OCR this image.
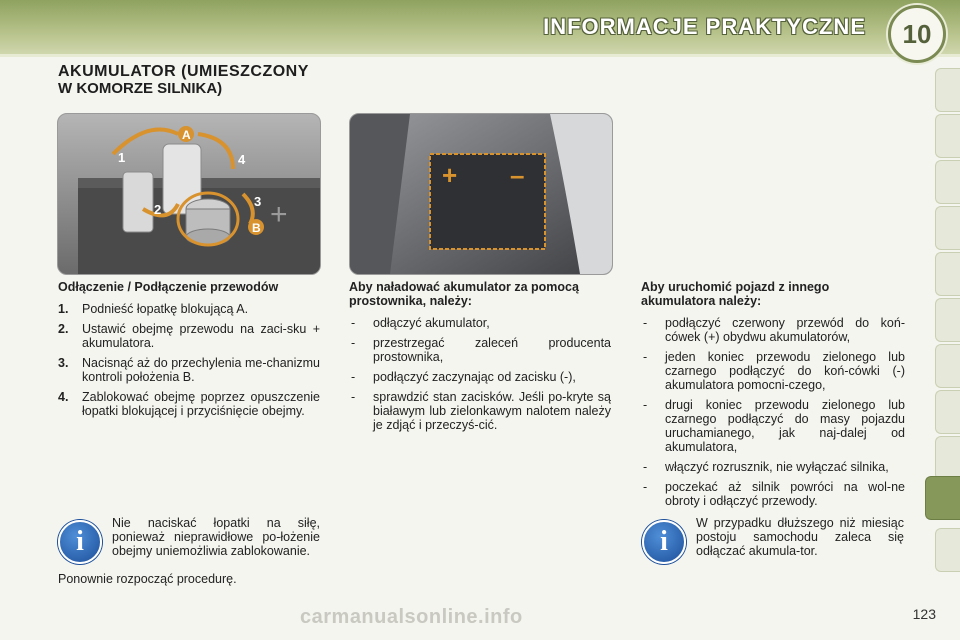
INFORMACJE PRAKTYCZNE	10
AKUMULATOR (UMIESZCZONY
W KOMORZE SILNIKA)
+
A
B
1
2
3
4
+ –
Odłączenie / Podłączenie przewodów
1.	Podnieść łopatkę blokującą A.
2.	Ustawić obejmę przewodu na zaci-sku + akumulatora.
3.	Nacisnąć aż do przechylenia me-chanizmu kontroli położenia B.
4.	Zablokować obejmę poprzez opuszczenie łopatki blokującej i przyciśnięcie obejmy.
i
Nie naciskać łopatki na siłę, ponieważ nieprawidłowe po-łożenie obejmy uniemożliwia zablokowanie.
Ponownie rozpocząć procedurę.
Aby naładować akumulator za pomocą prostownika, należy:
-	odłączyć akumulator,
-	przestrzegać zaleceń producenta prostownika,
-	podłączyć zaczynając od zacisku (-),
-	sprawdzić stan zacisków. Jeśli po-kryte są białawym lub zielonkawym nalotem należy je zdjąć i przeczyś-cić.
Aby uruchomić pojazd z innego akumulatora należy:
-	podłączyć czerwony przewód do koń-cówek (+) obydwu akumulatorów,
-	jeden koniec przewodu zielonego lub czarnego podłączyć do koń-cówki (-) akumulatora pomocni-czego,
-	drugi koniec przewodu zielonego lub czarnego podłączyć do masy pojazdu uruchamianego, jak naj-dalej od akumulatora,
-	włączyć rozrusznik, nie wyłączać silnika,
-	poczekać aż silnik powróci na wol-ne obroty i odłączyć przewody.
i
W przypadku dłuższego niż miesiąc postoju samochodu zaleca się odłączać akumula-tor.
carmanualsonline.info	123
